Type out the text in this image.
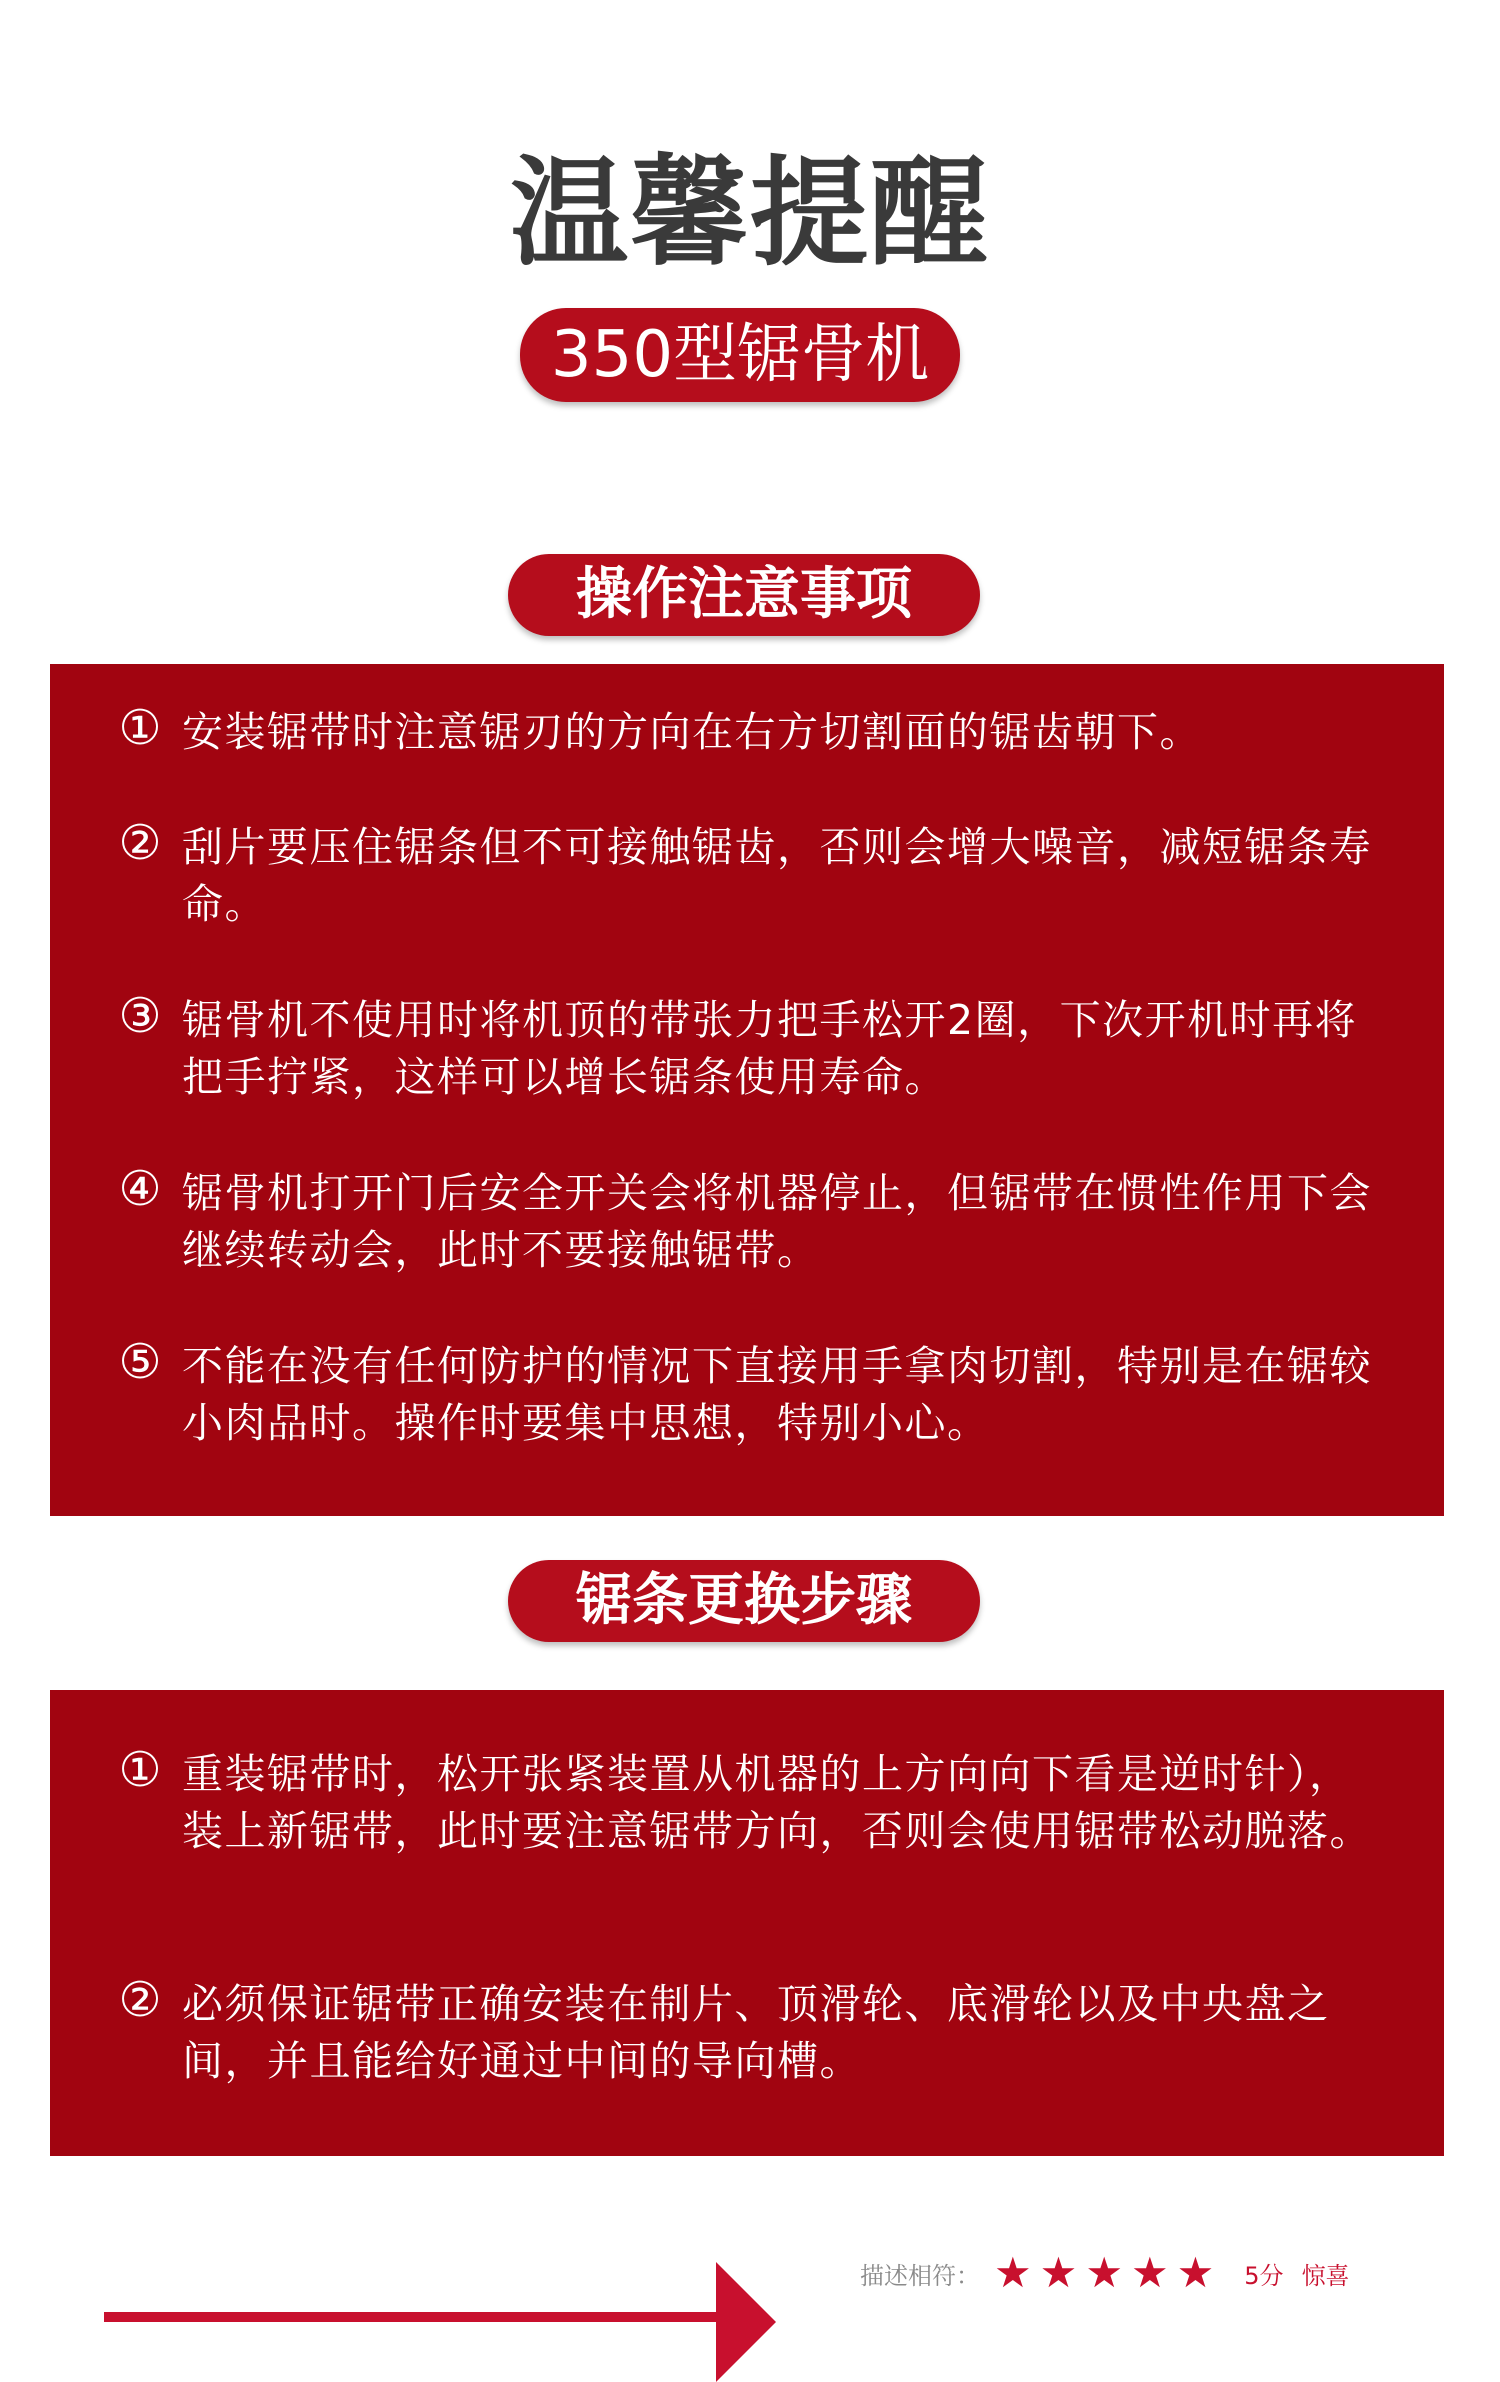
温馨提醒
350型锯骨机
操作注意事项
① 安装锯带时注意锯刃的方向在右方切割面的锯齿朝下。
② 刮片要压住锯条但不可接触锯齿，否则会增大噪音，减短锯条寿命。
③ 锯骨机不使用时将机顶的带张力把手松开2圈，下次开机时再将把手拧紧，这样可以增长锯条使用寿命。
④ 锯骨机打开门后安全开关会将机器停止，但锯带在惯性作用下会继续转动会，此时不要接触锯带。
⑤ 不能在没有任何防护的情况下直接用手拿肉切割，特别是在锯较小肉品时。操作时要集中思想，特别小心。
锯条更换步骤
① 重装锯带时，松开张紧装置从机器的上方向向下看是逆时针），装上新锯带，此时要注意锯带方向，否则会使用锯带松动脱落。
② 必须保证锯带正确安装在制片、顶滑轮、底滑轮以及中央盘之间，并且能给好通过中间的导向槽。
描述相符： ★ ★ ★ ★ ★ 5分 惊喜
